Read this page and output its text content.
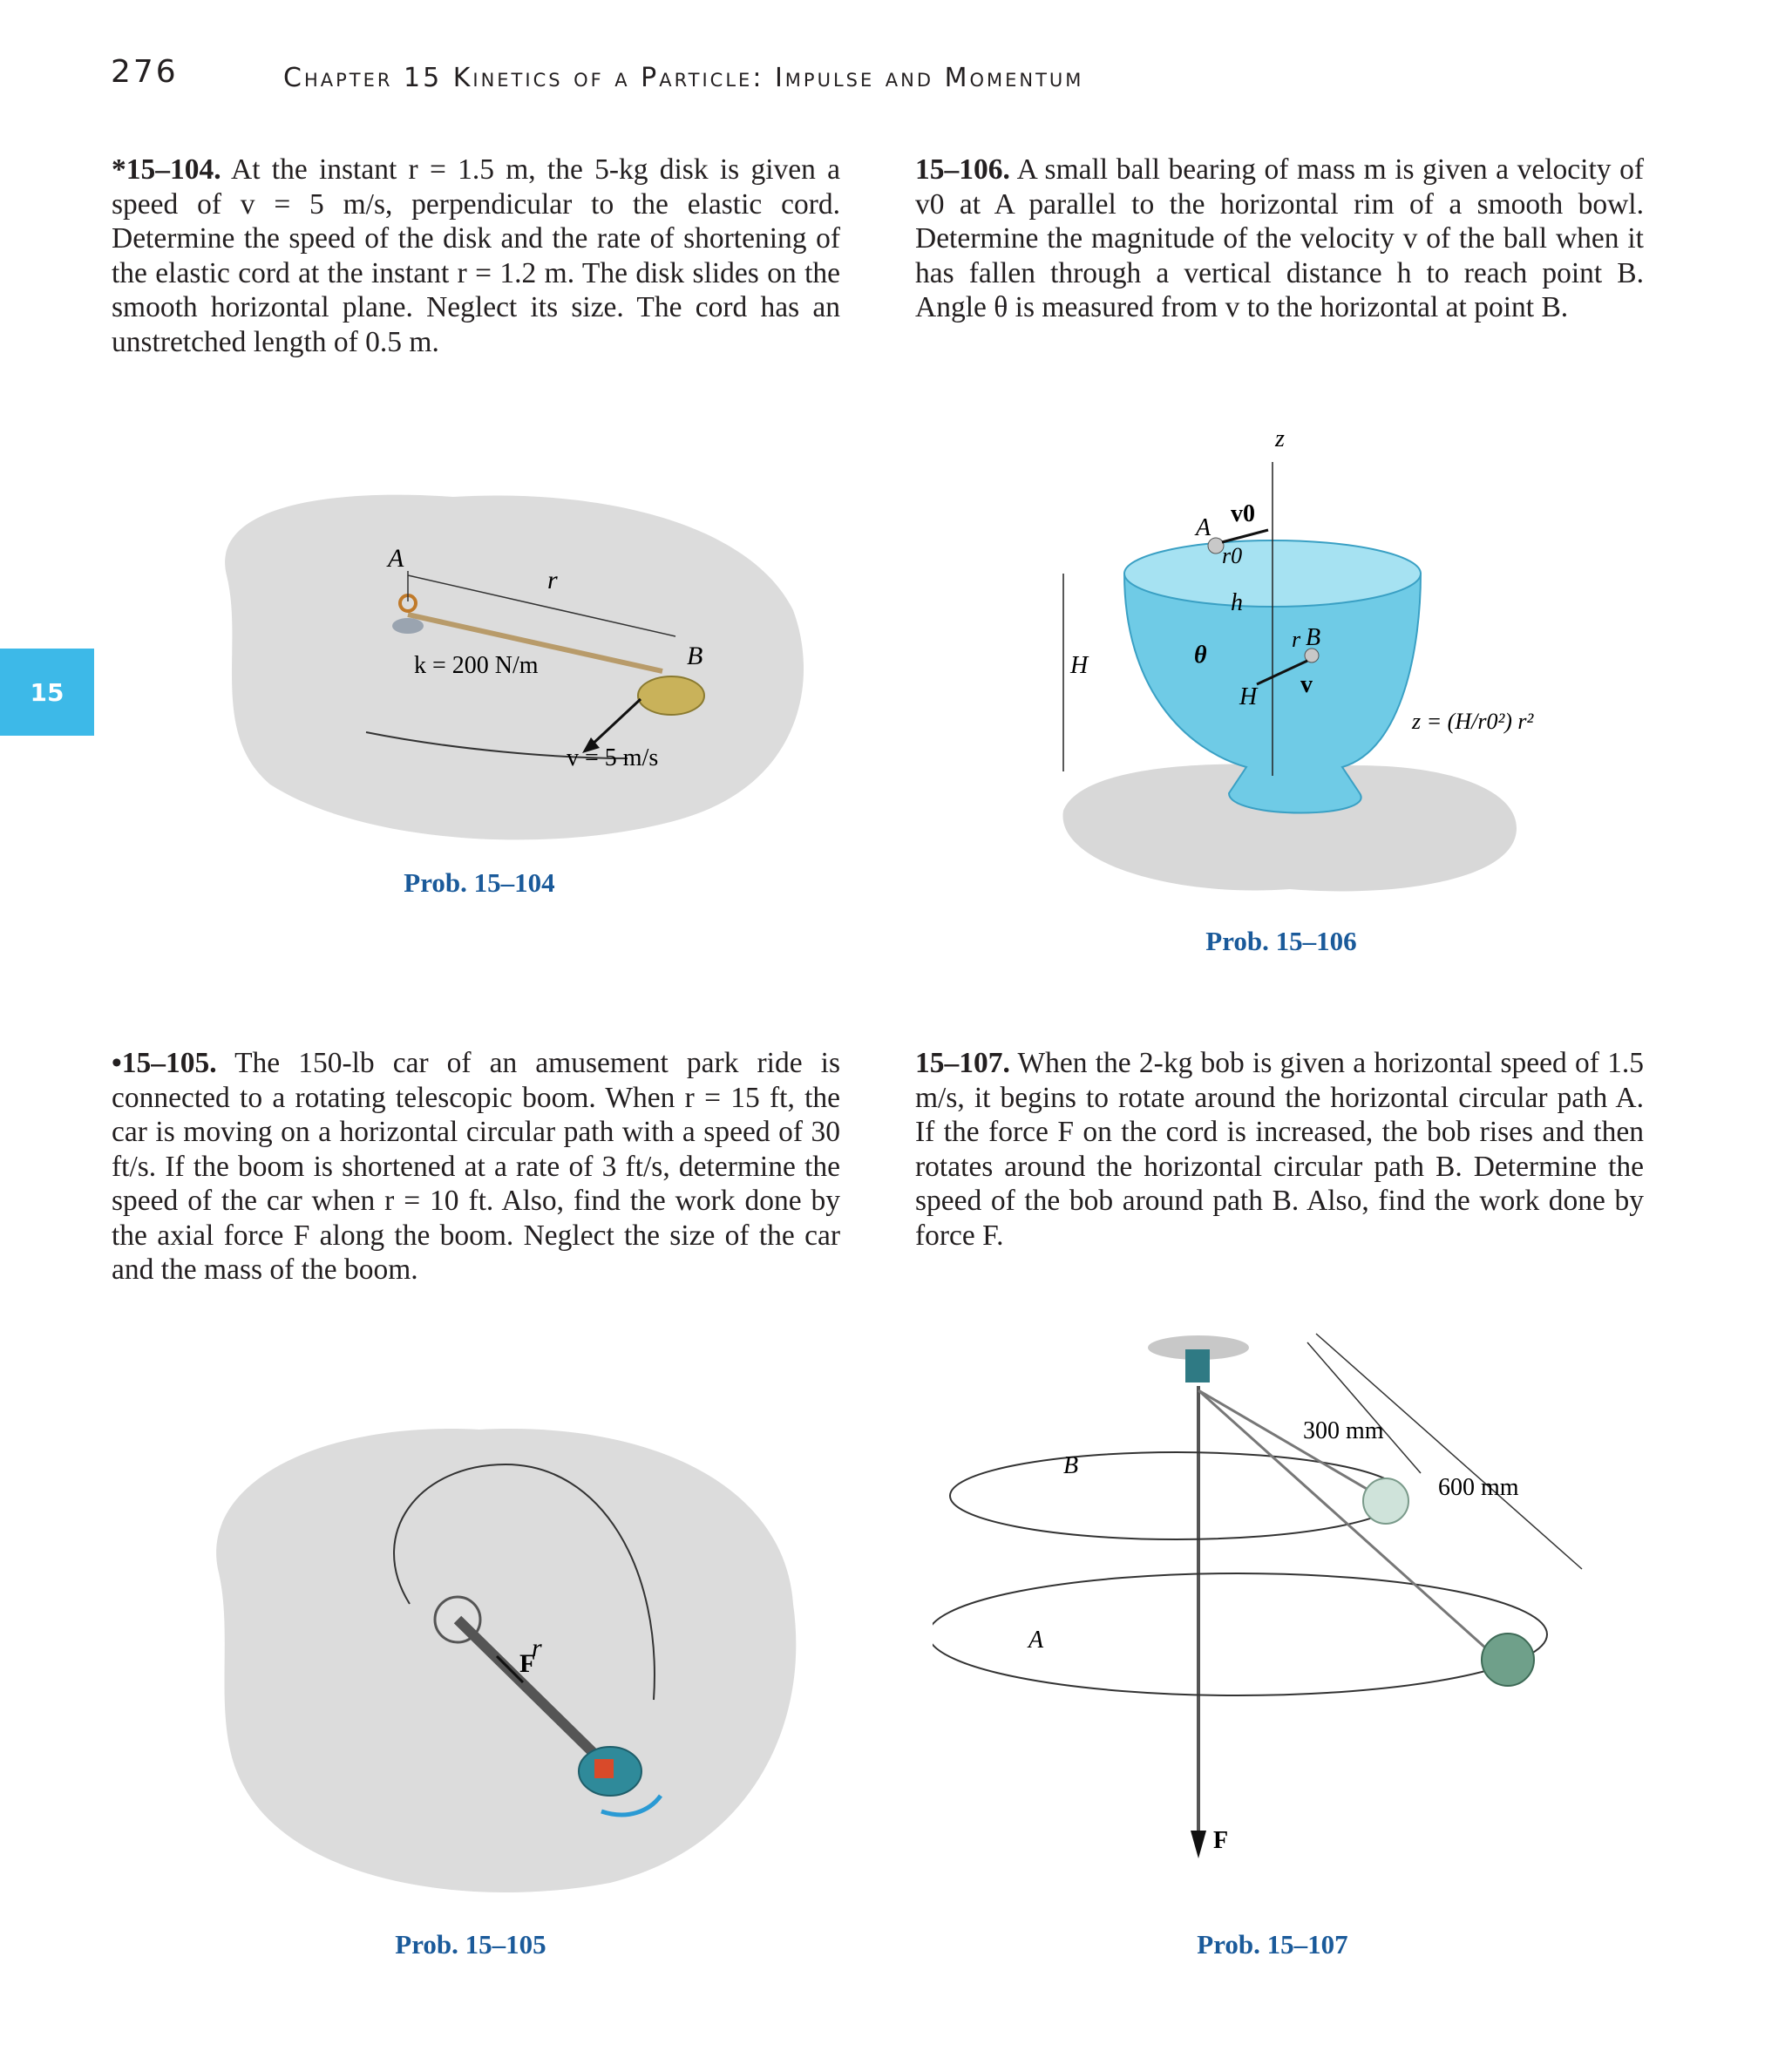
276	Chapter 15 Kinetics of a Particle: Impulse and Momentum
15
*15–104. At the instant r = 1.5 m, the 5-kg disk is given a speed of v = 5 m/s, perpendicular to the elastic cord. Determine the speed of the disk and the rate of shortening of the elastic cord at the instant r = 1.2 m. The disk slides on the smooth horizontal plane. Neglect its size. The cord has an unstretched length of 0.5 m.
15–106. A small ball bearing of mass m is given a velocity of v0 at A parallel to the horizontal rim of a smooth bowl. Determine the magnitude of the velocity v of the ball when it has fallen through a vertical distance h to reach point B. Angle θ is measured from v to the horizontal at point B.
•15–105. The 150-lb car of an amusement park ride is connected to a rotating telescopic boom. When r = 15 ft, the car is moving on a horizontal circular path with a speed of 30 ft/s. If the boom is shortened at a rate of 3 ft/s, determine the speed of the car when r = 10 ft. Also, find the work done by the axial force F along the boom. Neglect the size of the car and the mass of the boom.
15–107. When the 2-kg bob is given a horizontal speed of 1.5 m/s, it begins to rotate around the horizontal circular path A. If the force F on the cord is increased, the bob rises and then rotates around the horizontal circular path B. Determine the speed of the bob around path B. Also, find the work done by force F.
A
r
k = 200 N/m	B
v = 5 m/s
Prob. 15–104
z
A
v0
r0
h
r B
θ
v
H
H
z = (H/r0²) r²
Prob. 15–106
r
F
Prob. 15–105
300 mm
600 mm
B
A
F
Prob. 15–107
